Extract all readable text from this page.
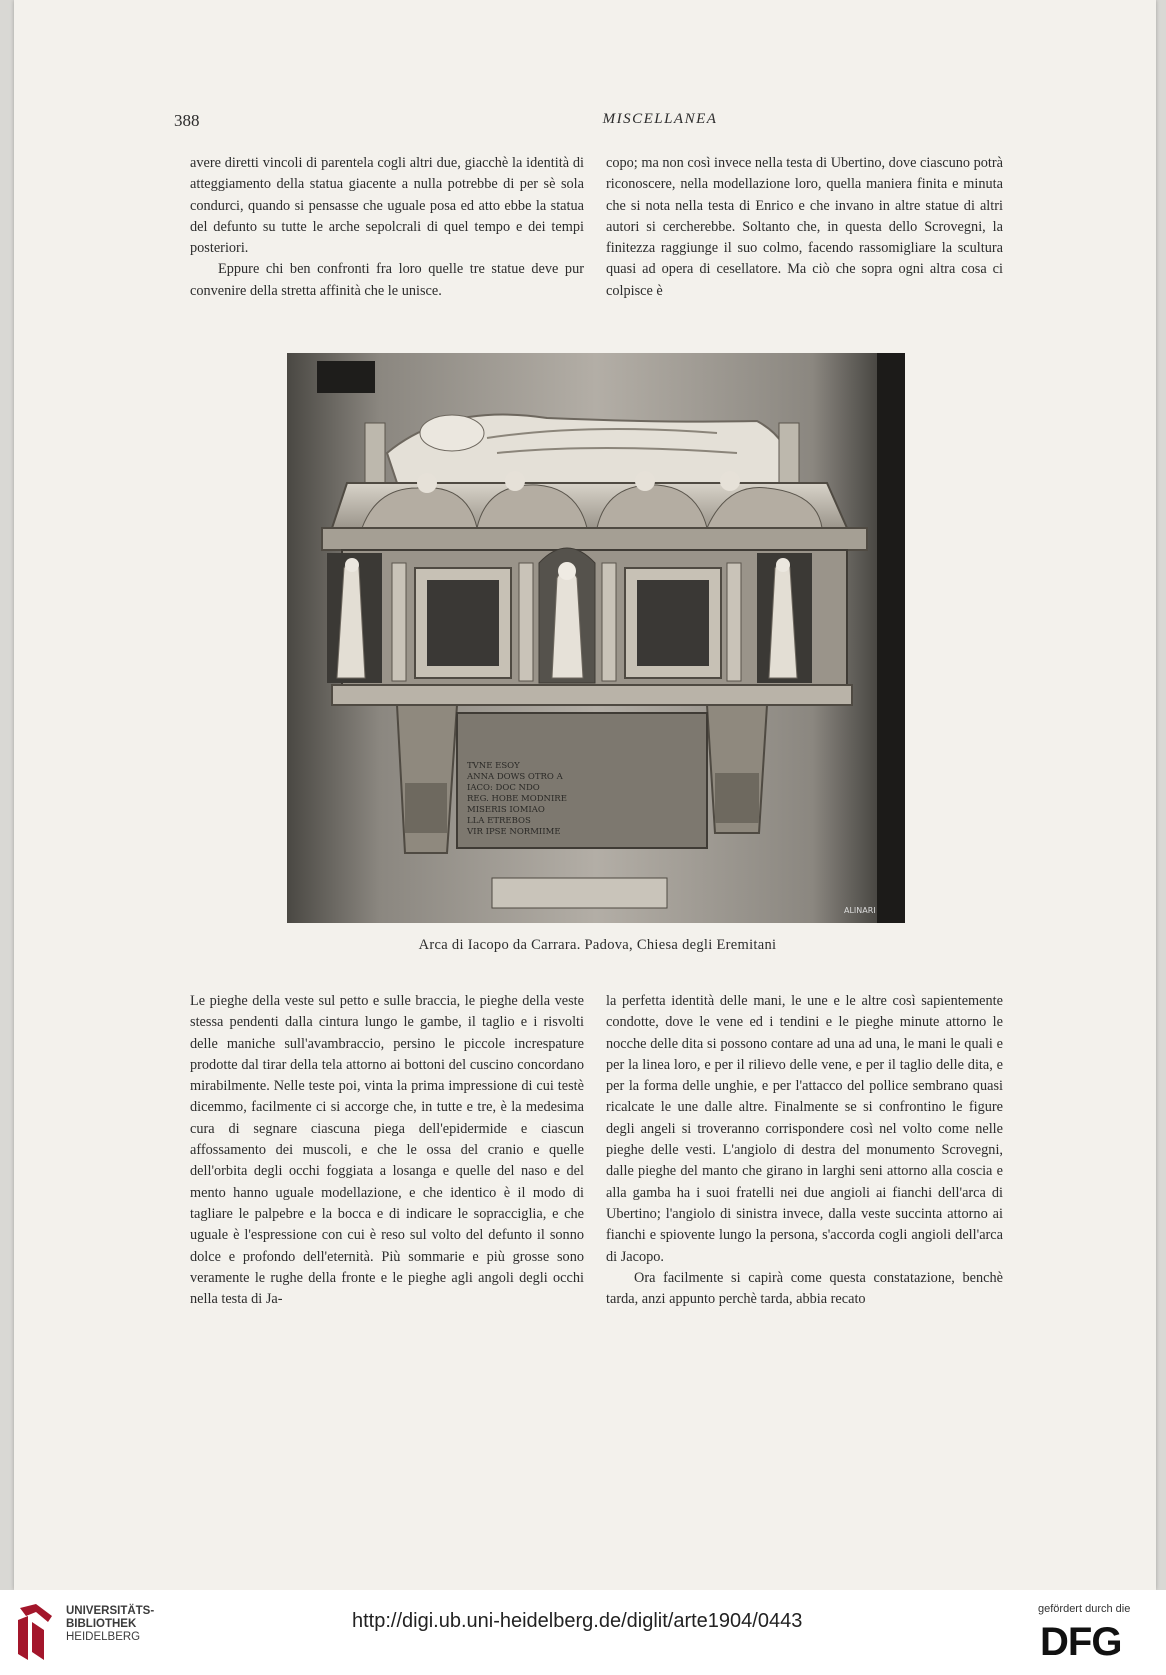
388	MISCELLANEA

avere diretti vincoli di parentela cogli altri due, giacchè la identità di atteggiamento della statua giacente a nulla potrebbe di per sè sola condurci, quando si pensasse che uguale posa ed atto ebbe la statua del defunto su tutte le arche sepolcrali di quel tempo e dei tempi posteriori.

Eppure chi ben confronti fra loro quelle tre statue deve pur convenire della stretta affinità che le unisce.

copo; ma non così invece nella testa di Ubertino, dove ciascuno potrà riconoscere, nella modellazione loro, quella maniera finita e minuta che si nota nella testa di Enrico e che invano in altre statue di altri autori si cercherebbe. Soltanto che, in questa dello Scrovegni, la finitezza raggiunge il suo colmo, facendo rassomigliare la scultura quasi ad opera di cesellatore. Ma ciò che sopra ogni altra cosa ci colpisce è

TVNE ESOY
ANNA DOWS OTRO A
IACO: DOC NDO
REG. HOBE MODNIRE
MISERIS IOMIAO
LLA ETREBOS
VIR IPSE NORMIIME
ALINARI
Arca di Iacopo da Carrara. Padova, Chiesa degli Eremitani

Le pieghe della veste sul petto e sulle braccia, le pieghe della veste stessa pendenti dalla cintura lungo le gambe, il taglio e i risvolti delle maniche sull'avambraccio, persino le piccole increspature prodotte dal tirar della tela attorno ai bottoni del cuscino concordano mirabilmente. Nelle teste poi, vinta la prima impressione di cui testè dicemmo, facilmente ci si accorge che, in tutte e tre, è la medesima cura di segnare ciascuna piega dell'epidermide e ciascun affossamento dei muscoli, e che le ossa del cranio e quelle dell'orbita degli occhi foggiata a losanga e quelle del naso e del mento hanno uguale modellazione, e che identico è il modo di tagliare le palpebre e la bocca e di indicare le sopracciglia, e che uguale è l'espressione con cui è reso sul volto del defunto il sonno dolce e profondo dell'eternità. Più sommarie e più grosse sono veramente le rughe della fronte e le pieghe agli angoli degli occhi nella testa di Ja-

la perfetta identità delle mani, le une e le altre così sapientemente condotte, dove le vene ed i tendini e le pieghe minute attorno le nocche delle dita si possono contare ad una ad una, le mani le quali e per la linea loro, e per il rilievo delle vene, e per il taglio delle dita, e per la forma delle unghie, e per l'attacco del pollice sembrano quasi ricalcate le une dalle altre. Finalmente se si confrontino le figure degli angeli si troveranno corrispondere così nel volto come nelle pieghe delle vesti. L'angiolo di destra del monumento Scrovegni, dalle pieghe del manto che girano in larghi seni attorno alla coscia e alla gamba ha i suoi fratelli nei due angioli ai fianchi dell'arca di Ubertino; l'angiolo di sinistra invece, dalla veste succinta attorno ai fianchi e spiovente lungo la persona, s'accorda cogli angioli dell'arca di Jacopo.

Ora facilmente si capirà come questa constatazione, benchè tarda, anzi appunto perchè tarda, abbia recato

UNIVERSITÄTS-
BIBLIOTHEK
HEIDELBERG
http://digi.ub.uni-heidelberg.de/diglit/arte1904/0443
gefördert durch die
DFG
